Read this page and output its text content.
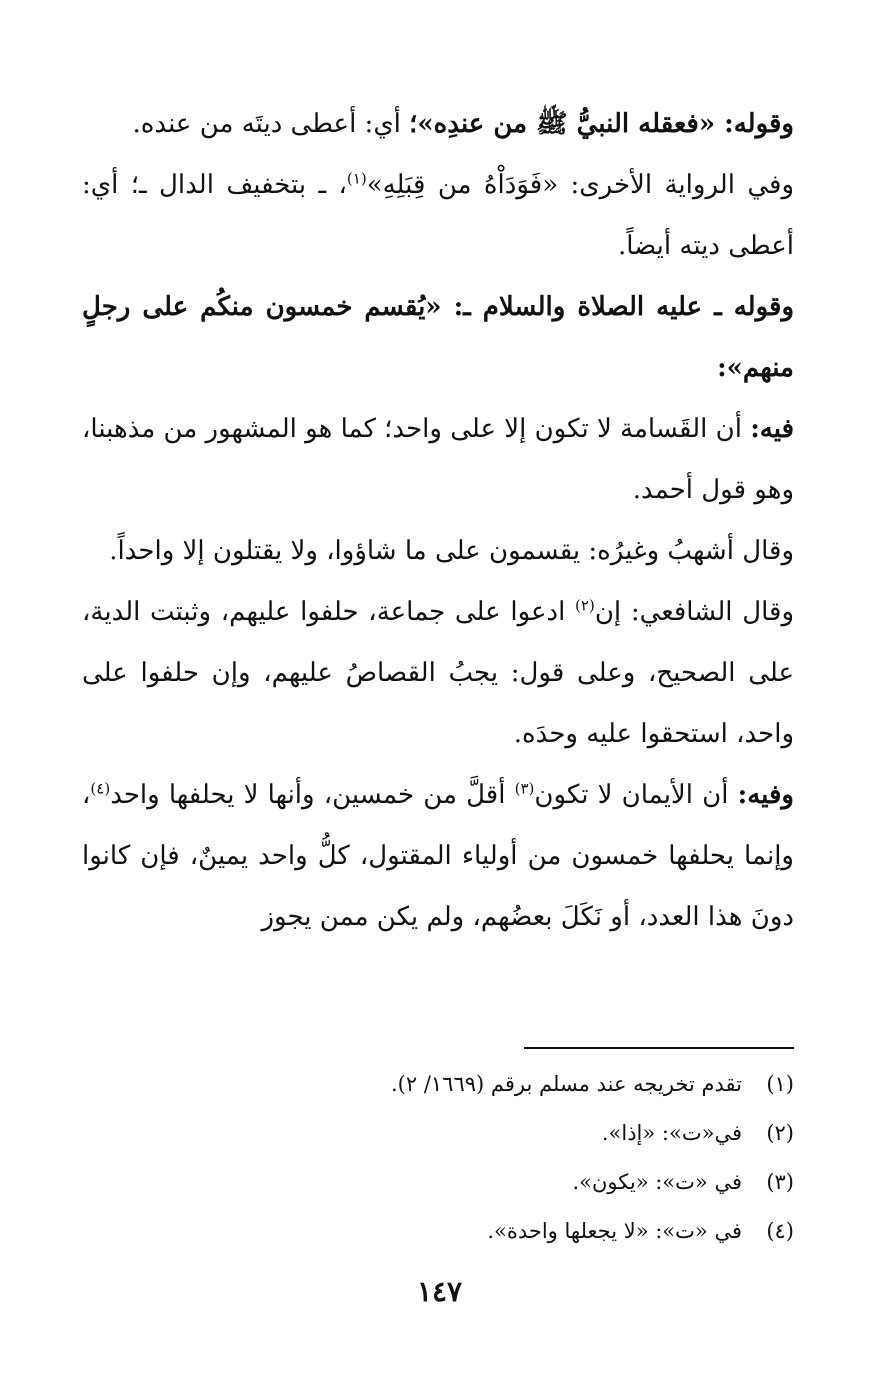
وقوله: «فعقله النبيُّ ﷺ من عندِه»؛ أي: أعطى ديتَه من عنده.

وفي الرواية الأخرى: «فَوَدَاْهُ من قِبَلِهِ»$^{(١)}$، ـ بتخفيف الدال ـ؛ أي: أعطى ديته أيضاً.

وقوله ـ عليه الصلاة والسلام ـ: «يُقسم خمسون منكُم على رجلٍ منهم»:

فيه: أن القَسامة لا تكون إلا على واحد؛ كما هو المشهور من مذهبنا، وهو قول أحمد.

وقال أشهبُ وغيرُه: يقسمون على ما شاؤوا، ولا يقتلون إلا واحداً.

وقال الشافعي: إن$^{(٢)}$ ادعوا على جماعة، حلفوا عليهم، وثبتت الدية، على الصحيح، وعلى قول: يجبُ القصاصُ عليهم، وإن حلفوا على واحد، استحقوا عليه وحدَه.

وفيه: أن الأيمان لا تكون$^{(٣)}$ أقلَّ من خمسين، وأنها لا يحلفها واحد$^{(٤)}$، وإنما يحلفها خمسون من أولياء المقتول، كلُّ واحد يمينٌ، فإن كانوا دونَ هذا العدد، أو نَكَلَ بعضُهم، ولم يكن ممن يجوز

(١)
تقدم تخريجه عند مسلم برقم (١٦٦٩/ ٢).
(٢)
في«ت»: «إذا».
(٣)
في «ت»: «يكون».
(٤)
في «ت»: «لا يجعلها واحدة».
١٤٧
